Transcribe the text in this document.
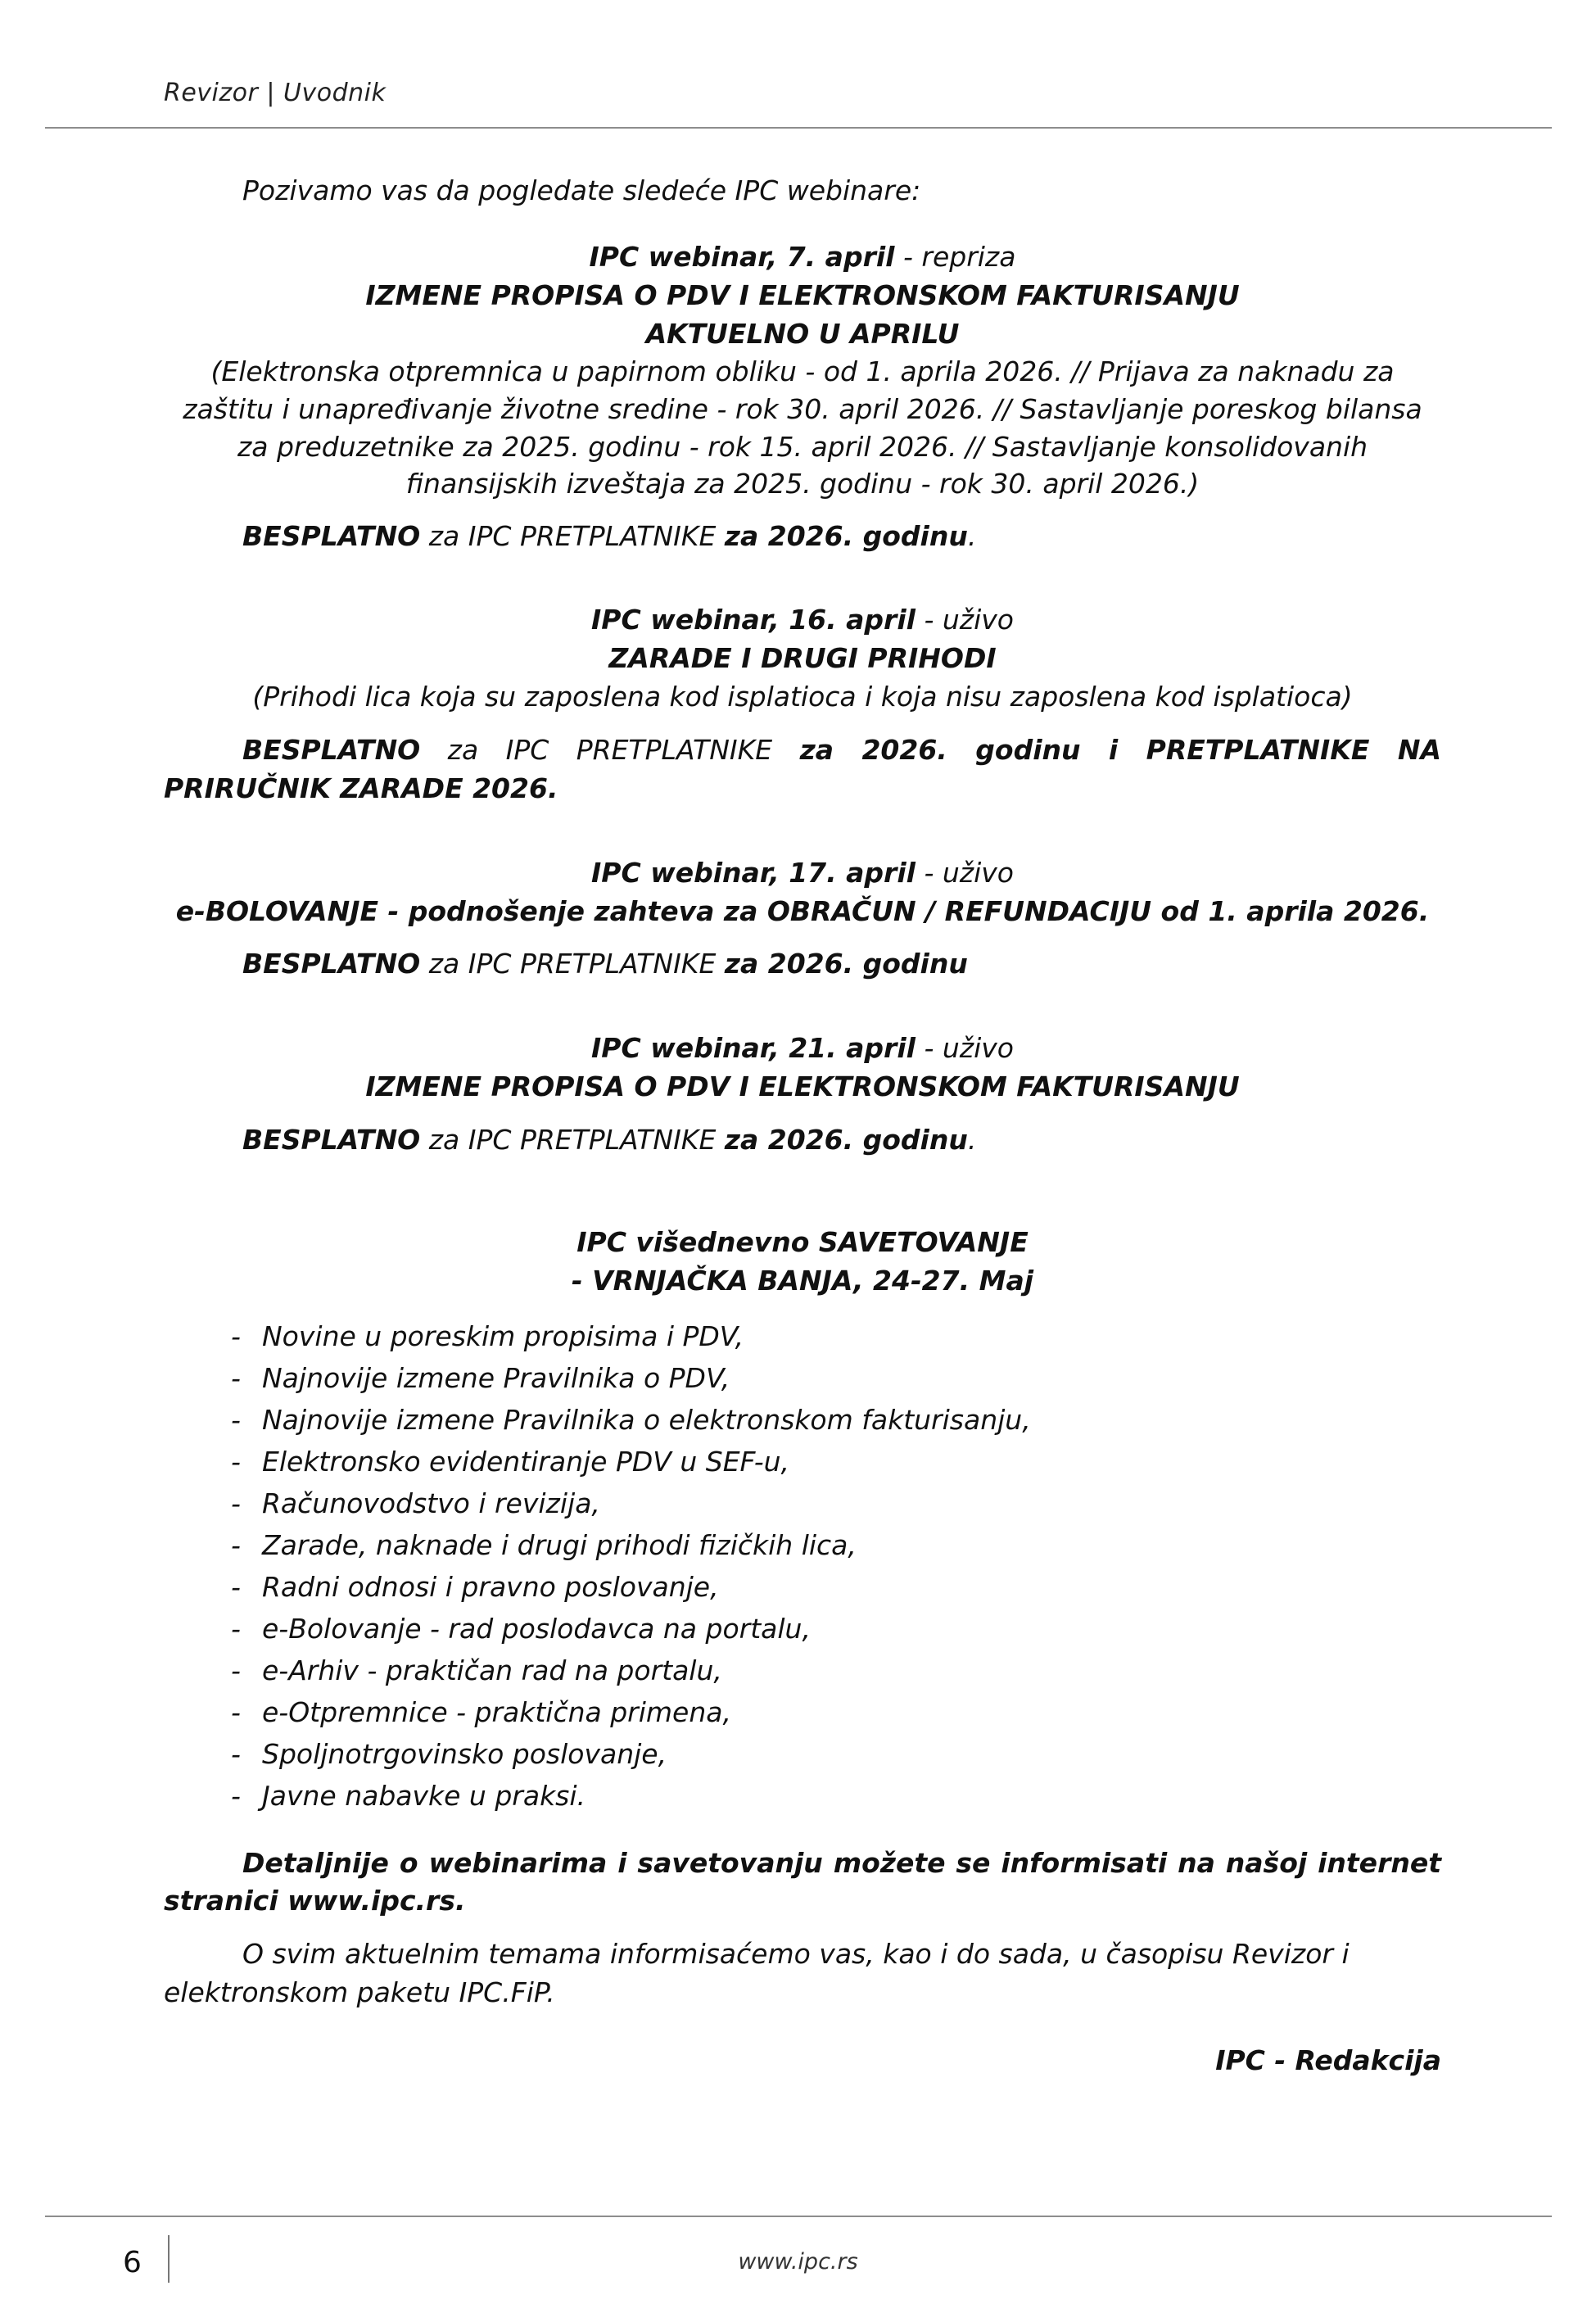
Revizor | Uvodnik

Pozivamo vas da pogledate sledeće IPC webinare:

IPC webinar, 7. april - repriza

IZMENE PROPISA O PDV I ELEKTRONSKOM FAKTURISANJU

AKTUELNO U APRILU

(Elektronska otpremnica u papirnom obliku - od 1. aprila 2026. // Prijava za naknadu za zaštitu i unapređivanje životne sredine - rok 30. april 2026. // Sastavljanje poreskog bilansa za preduzetnike za 2025. godinu - rok 15. april 2026. // Sastavljanje konsolidovanih finansijskih izveštaja za 2025. godinu - rok 30. april 2026.)

BESPLATNO za IPC PRETPLATNIKE za 2026. godinu.

IPC webinar, 16. april - uživo

ZARADE I DRUGI PRIHODI

(Prihodi lica koja su zaposlena kod isplatioca i koja nisu zaposlena kod isplatioca)

BESPLATNO za IPC PRETPLATNIKE za 2026. godinu i PRETPLATNIKE NA PRIRUČNIK ZARADE 2026.

IPC webinar, 17. april - uživo

e-BOLOVANJE - podnošenje zahteva za OBRAČUN / REFUNDACIJU od 1. aprila 2026.

BESPLATNO za IPC PRETPLATNIKE za 2026. godinu

IPC webinar, 21. april - uživo

IZMENE PROPISA O PDV I ELEKTRONSKOM FAKTURISANJU

BESPLATNO za IPC PRETPLATNIKE za 2026. godinu.

IPC višednevno SAVETOVANJE

- VRNJAČKA BANJA, 24-27. Maj

- Novine u poreskim propisima i PDV,
- Najnovije izmene Pravilnika o PDV,
- Najnovije izmene Pravilnika o elektronskom fakturisanju,
- Elektronsko evidentiranje PDV u SEF-u,
- Računovodstvo i revizija,
- Zarade, naknade i drugi prihodi fizičkih lica,
- Radni odnosi i pravno poslovanje,
- e-Bolovanje - rad poslodavca na portalu,
- e-Arhiv - praktičan rad na portalu,
- e-Otpremnice - praktična primena,
- Spoljnotrgovinsko poslovanje,
- Javne nabavke u praksi.

Detaljnije o webinarima i savetovanju možete se informisati na našoj internet stranici www.ipc.rs.

O svim aktuelnim temama informisaćemo vas, kao i do sada, u časopisu Revizor i elektronskom paketu IPC.FiP.

IPC - Redakcija

6	www.ipc.rs
